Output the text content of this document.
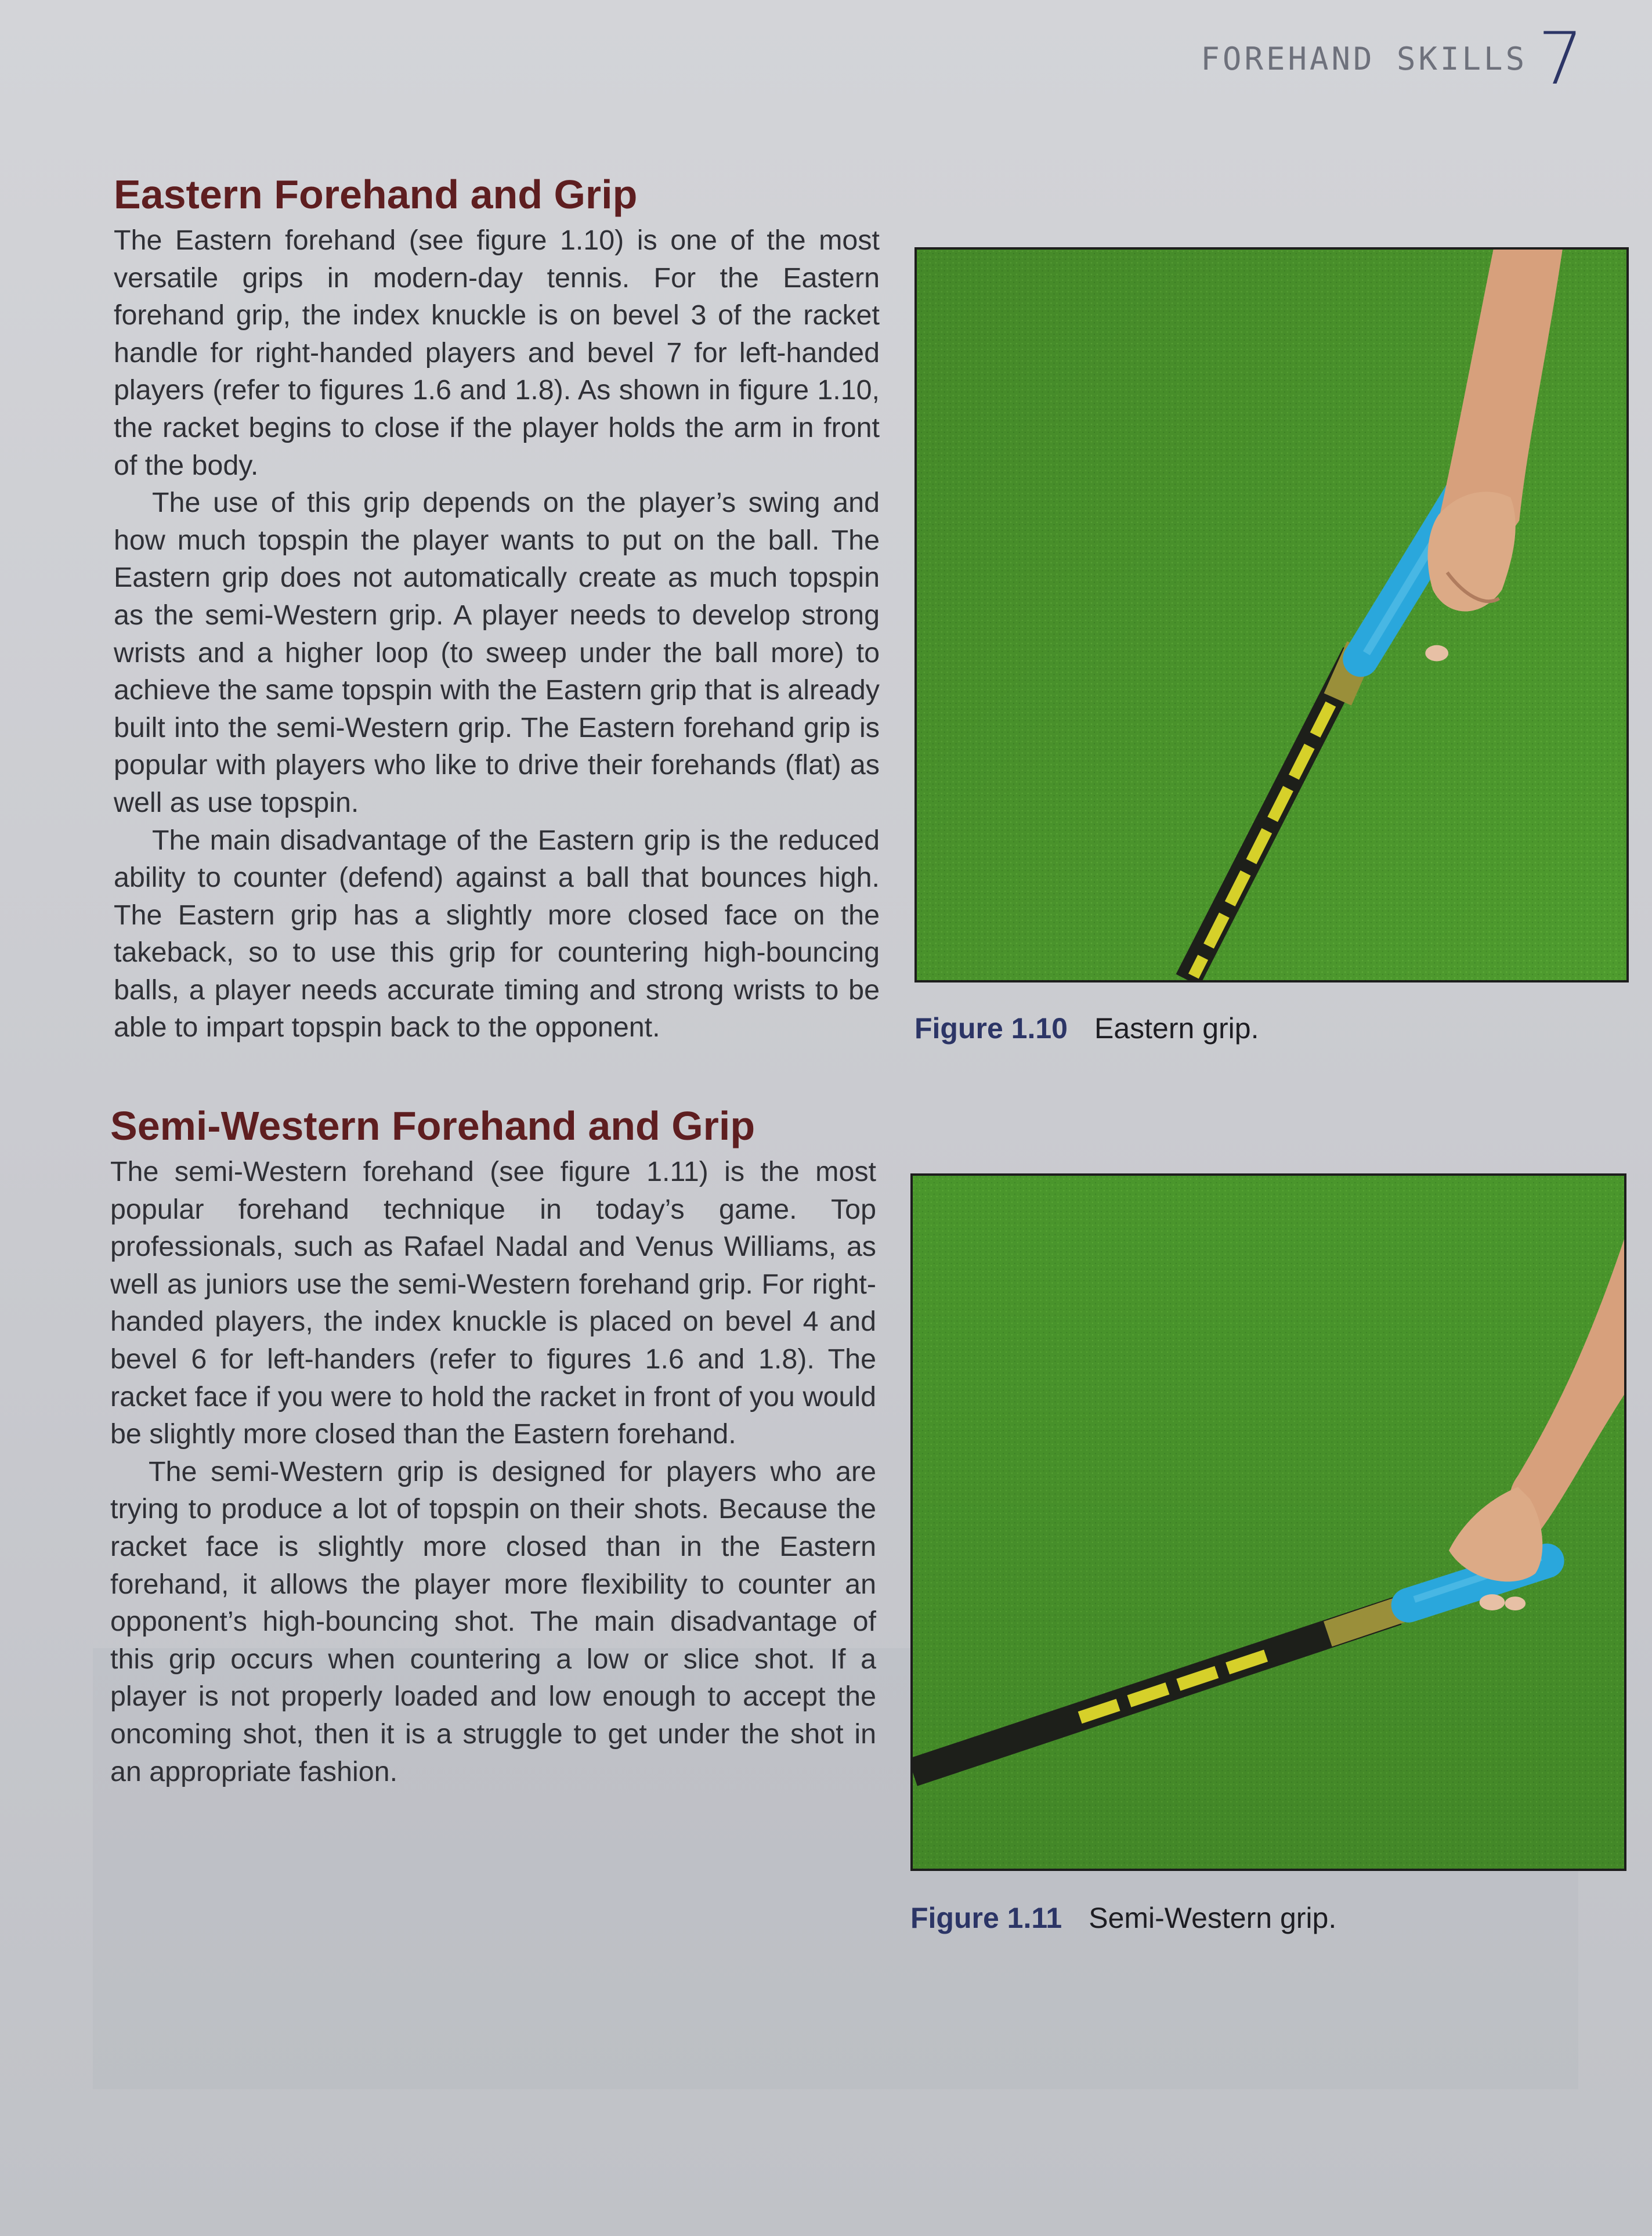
FOREHAND SKILLS 7
Eastern Forehand and Grip

The Eastern forehand (see figure 1.10) is one of the most versatile grips in modern-day tennis. For the Eastern forehand grip, the index knuckle is on bevel 3 of the racket handle for right-handed players and bevel 7 for left-handed players (refer to figures 1.6 and 1.8). As shown in figure 1.10, the racket begins to close if the player holds the arm in front of the body.

The use of this grip depends on the player’s swing and how much topspin the player wants to put on the ball. The Eastern grip does not automatically create as much topspin as the semi-Western grip. A player needs to develop strong wrists and a higher loop (to sweep under the ball more) to achieve the same topspin with the Eastern grip that is already built into the semi-Western grip. The Eastern forehand grip is popular with players who like to drive their forehands (flat) as well as use topspin.

The main disadvantage of the Eastern grip is the reduced ability to counter (defend) against a ball that bounces high. The Eastern grip has a slightly more closed face on the takeback, so to use this grip for countering high-bouncing balls, a player needs accurate timing and strong wrists to be able to impart topspin back to the opponent.	Figure 1.10 Eastern grip.
Semi-Western Forehand and Grip

The semi-Western forehand (see figure 1.11) is the most popular forehand technique in today’s game. Top professionals, such as Rafael Nadal and Venus Williams, as well as juniors use the semi-Western forehand grip. For right-handed players, the index knuckle is placed on bevel 4 and bevel 6 for left-handers (refer to figures 1.6 and 1.8). The racket face if you were to hold the racket in front of you would be slightly more closed than the Eastern forehand.

The semi-Western grip is designed for players who are trying to produce a lot of topspin on their shots. Because the racket face is slightly more closed than in the Eastern forehand, it allows the player more flexibility to counter an opponent’s high-bouncing shot. The main disadvantage of this grip occurs when countering a low or slice shot. If a player is not properly loaded and low enough to accept the oncoming shot, then it is a struggle to get under the shot in an appropriate fashion.

Figure 1.11 Semi-Western grip.
